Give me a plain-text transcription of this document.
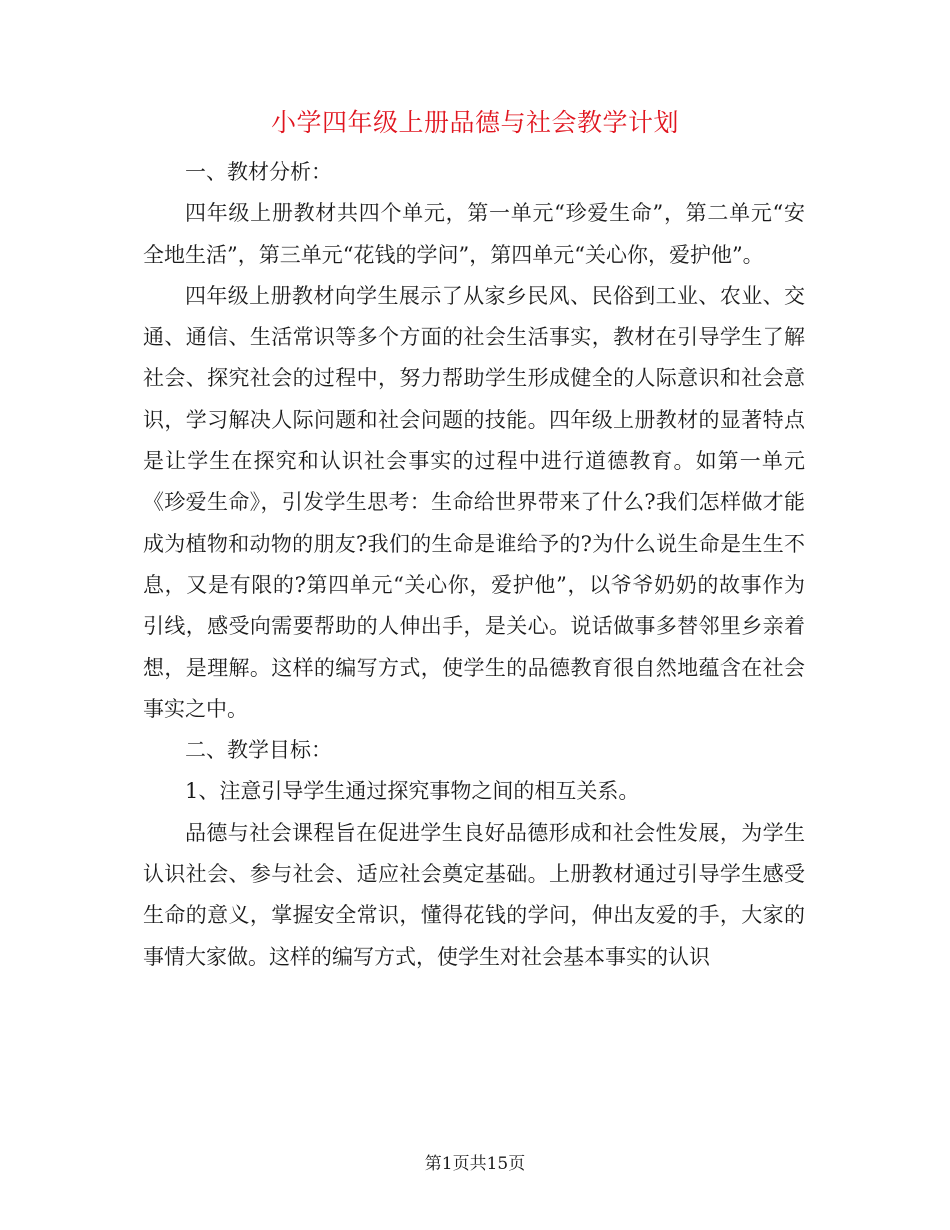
小学四年级上册品德与社会教学计划

一、教材分析：

四年级上册教材共四个单元，第一单元“珍爱生命”，第二单元“安全地生活”，第三单元“花钱的学问”，第四单元“关心你，爱护他”。

四年级上册教材向学生展示了从家乡民风、民俗到工业、农业、交通、通信、生活常识等多个方面的社会生活事实，教材在引导学生了解社会、探究社会的过程中，努力帮助学生形成健全的人际意识和社会意识，学习解决人际问题和社会问题的技能。四年级上册教材的显著特点是让学生在探究和认识社会事实的过程中进行道德教育。如第一单元《珍爱生命》，引发学生思考：生命给世界带来了什么?我们怎样做才能成为植物和动物的朋友?我们的生命是谁给予的?为什么说生命是生生不息，又是有限的?第四单元“关心你，爱护他”，以爷爷奶奶的故事作为引线，感受向需要帮助的人伸出手，是关心。说话做事多替邻里乡亲着想，是理解。这样的编写方式，使学生的品德教育很自然地蕴含在社会事实之中。

二、教学目标：

1、注意引导学生通过探究事物之间的相互关系。

品德与社会课程旨在促进学生良好品德形成和社会性发展，为学生认识社会、参与社会、适应社会奠定基础。上册教材通过引导学生感受生命的意义，掌握安全常识，懂得花钱的学问，伸出友爱的手，大家的事情大家做。这样的编写方式，使学生对社会基本事实的认识

第1页共15页
